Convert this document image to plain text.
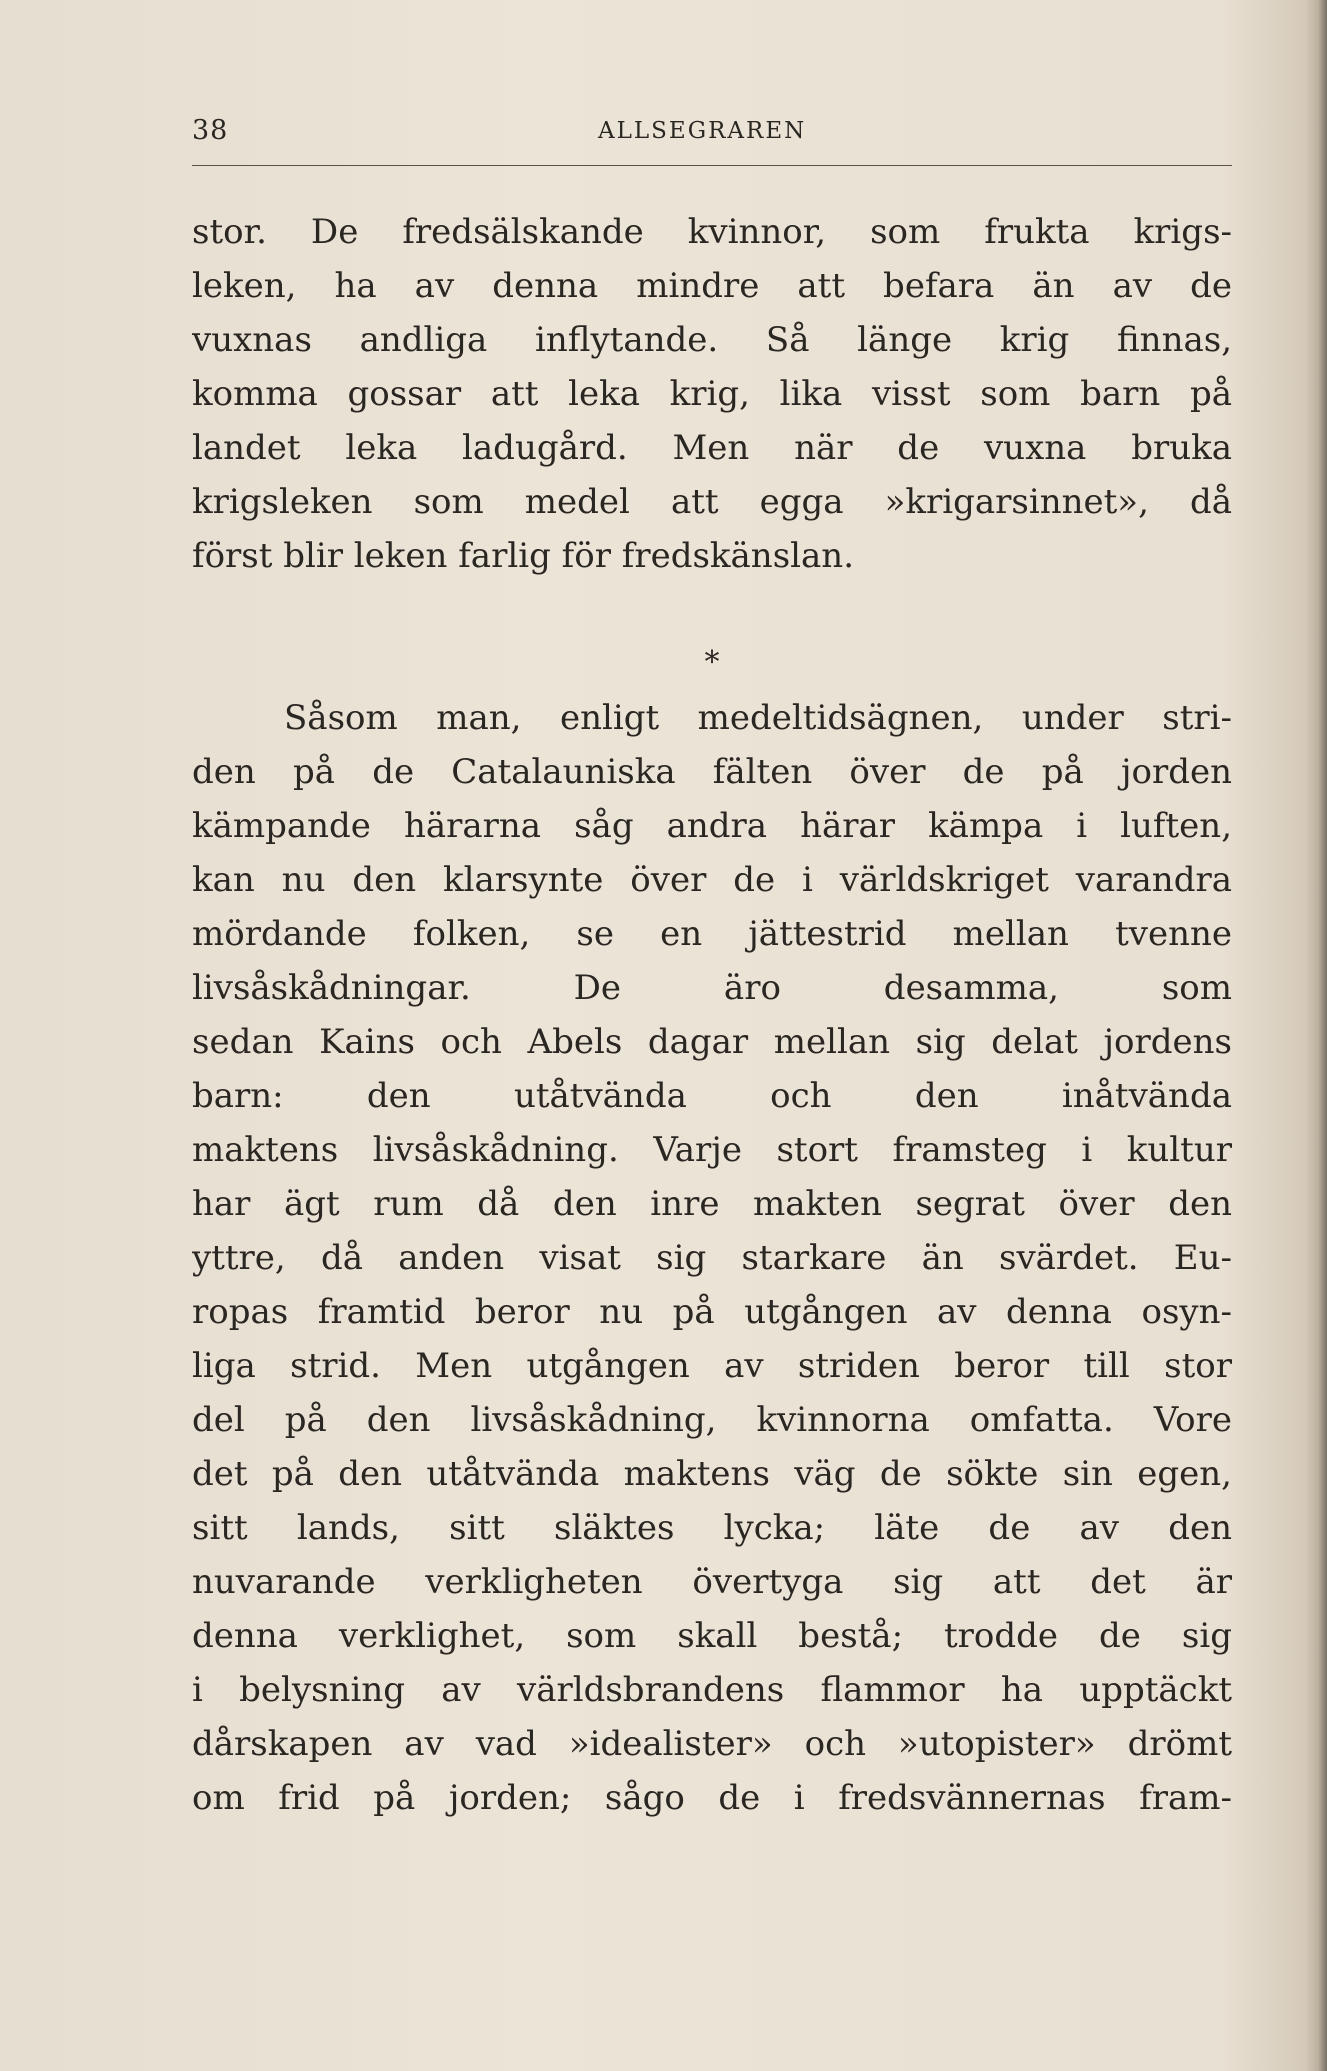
38	ALLSEGRAREN
stor. De fredsälskande kvinnor, som frukta krigs-
leken, ha av denna mindre att befara än av de
vuxnas andliga inflytande. Så länge krig finnas,
komma gossar att leka krig, lika visst som barn på
landet leka ladugård. Men när de vuxna bruka
krigsleken som medel att egga »krigarsinnet», då
först blir leken farlig för fredskänslan.
*
Såsom man, enligt medeltidsägnen, under stri-
den på de Catalauniska fälten över de på jorden
kämpande härarna såg andra härar kämpa i luften,
kan nu den klarsynte över de i världskriget varandra
mördande folken, se en jättestrid mellan tvenne
livsåskådningar. De äro desamma, som
sedan Kains och Abels dagar mellan sig delat jordens
barn: den utåtvända och den inåtvända
maktens livsåskådning. Varje stort framsteg i kultur
har ägt rum då den inre makten segrat över den
yttre, då anden visat sig starkare än svärdet. Eu-
ropas framtid beror nu på utgången av denna osyn-
liga strid. Men utgången av striden beror till stor
del på den livsåskådning, kvinnorna omfatta. Vore
det på den utåtvända maktens väg de sökte sin egen,
sitt lands, sitt släktes lycka; läte de av den
nuvarande verkligheten övertyga sig att det är
denna verklighet, som skall bestå; trodde de sig
i belysning av världsbrandens flammor ha upptäckt
dårskapen av vad »idealister» och »utopister» drömt
om frid på jorden; sågo de i fredsvännernas fram-
